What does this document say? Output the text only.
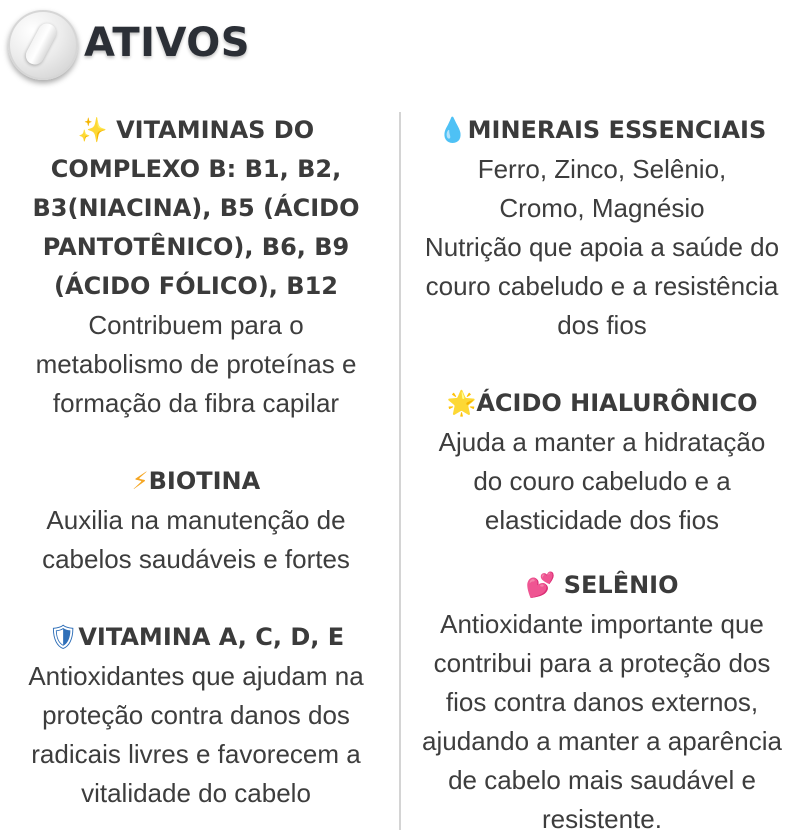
ATIVOS
✨ VITAMINAS DO
COMPLEXO B: B1, B2,
B3(NIACINA), B5 (ÁCIDO
PANTOTÊNICO), B6, B9
(ÁCIDO FÓLICO), B12
Contribuem para o
metabolismo de proteínas e
formação da fibra capilar
⚡BIOTINA
Auxilia na manutenção de
cabelos saudáveis e fortes
🛡VITAMINA A, C, D, E
Antioxidantes que ajudam na
proteção contra danos dos
radicais livres e favorecem a
vitalidade do cabelo
💧MINERAIS ESSENCIAIS
Ferro, Zinco, Selênio,
Cromo, Magnésio
Nutrição que apoia a saúde do
couro cabeludo e a resistência
dos fios
🌟ÁCIDO HIALURÔNICO
Ajuda a manter a hidratação
do couro cabeludo e a
elasticidade dos fios
💕 SELÊNIO
Antioxidante importante que
contribui para a proteção dos
fios contra danos externos,
ajudando a manter a aparência
de cabelo mais saudável e
resistente.
